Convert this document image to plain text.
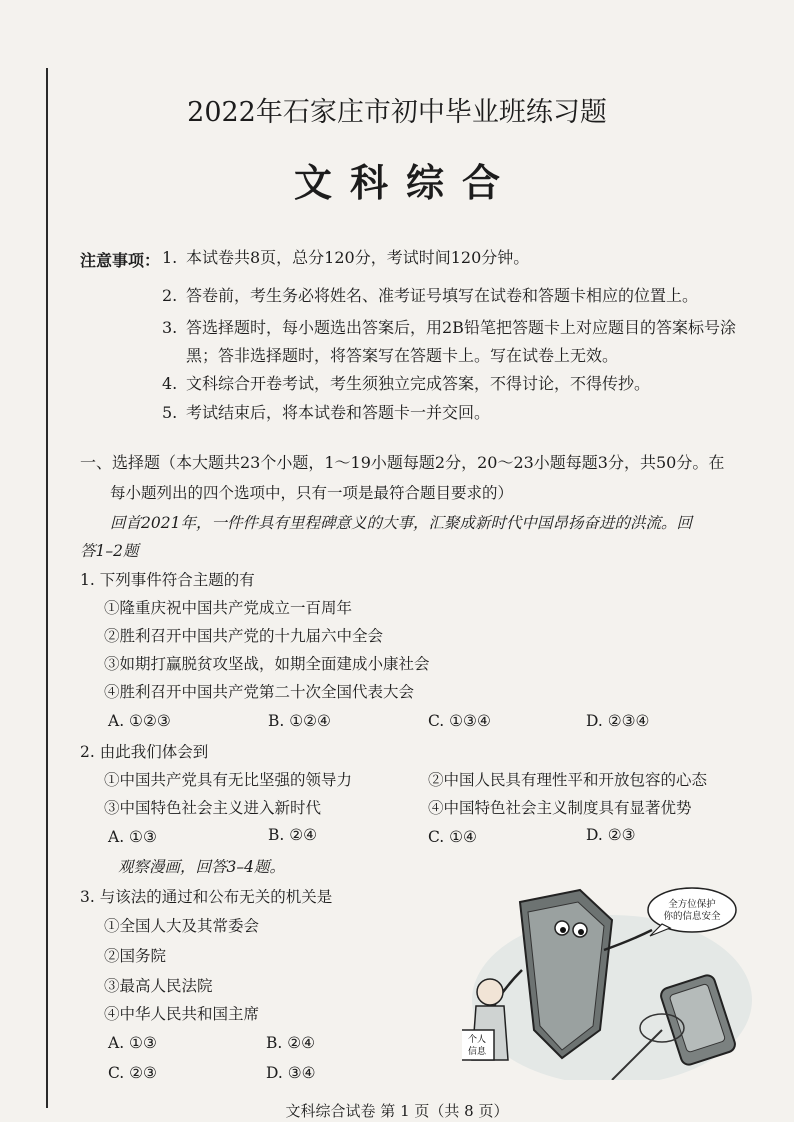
2022年石家庄市初中毕业班练习题
文科综合
注意事项： 1. 本试卷共8页，总分120分，考试时间120分钟。
2. 答卷前，考生务必将姓名、准考证号填写在试卷和答题卡相应的位置上。
3. 答选择题时，每小题选出答案后，用2B铅笔把答题卡上对应题目的答案标号涂
黑；答非选择题时，将答案写在答题卡上。写在试卷上无效。
4. 文科综合开卷考试，考生须独立完成答案，不得讨论，不得传抄。
5. 考试结束后，将本试卷和答题卡一并交回。
一、选择题（本大题共23个小题，1～19小题每题2分，20～23小题每题3分，共50分。在
每小题列出的四个选项中，只有一项是最符合题目要求的）
回首2021年，一件件具有里程碑意义的大事，汇聚成新时代中国昂扬奋进的洪流。回
答1–2题
1. 下列事件符合主题的有
①隆重庆祝中国共产党成立一百周年
②胜利召开中国共产党的十九届六中全会
③如期打赢脱贫攻坚战，如期全面建成小康社会
④胜利召开中国共产党第二十次全国代表大会
A. ①②③	B. ①②④	C. ①③④	D. ②③④
2. 由此我们体会到
①中国共产党具有无比坚强的领导力	②中国人民具有理性平和开放包容的心态
③中国特色社会主义进入新时代	④中国特色社会主义制度具有显著优势
A. ①③	B. ②④	C. ①④	D. ②③
观察漫画，回答3–4题。
3. 与该法的通过和公布无关的机关是
①全国人大及其常委会
②国务院
③最高人民法院
④中华人民共和国主席
A. ①③	B. ②④
C. ②③	D. ③④
全方位保护
你的信息安全
个人
信息
文科综合试卷 第 1 页（共 8 页）
